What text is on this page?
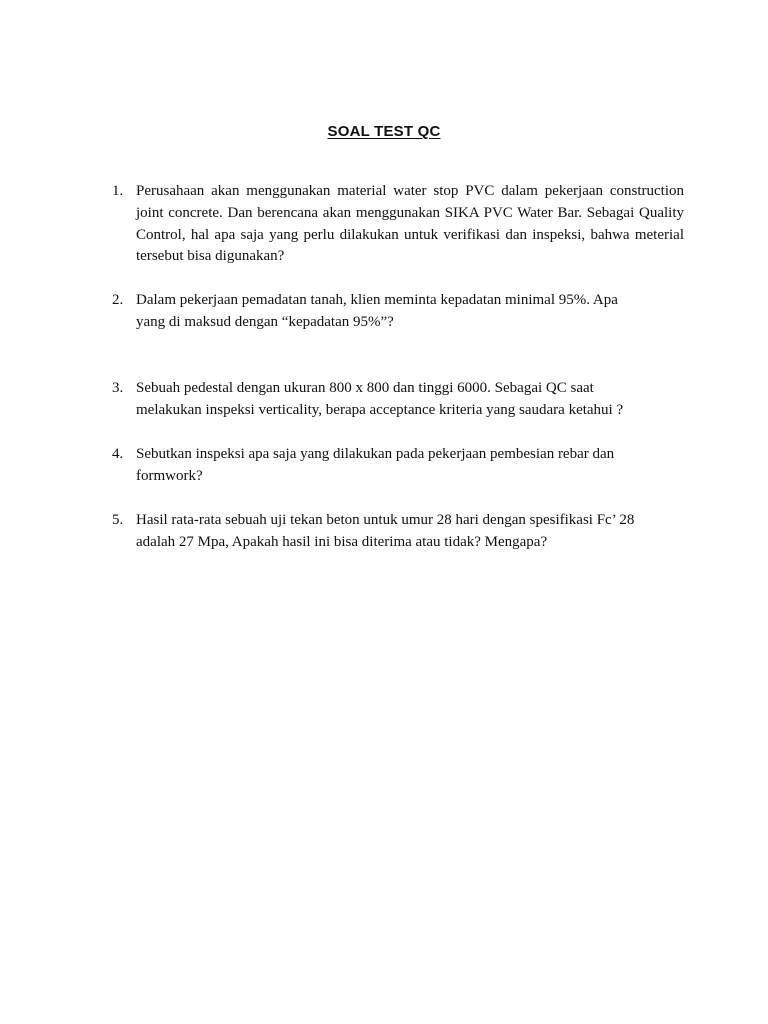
SOAL TEST QC
1. Perusahaan akan menggunakan material water stop PVC dalam pekerjaan construction joint concrete. Dan berencana akan menggunakan SIKA PVC Water Bar. Sebagai Quality Control, hal apa saja yang perlu dilakukan untuk verifikasi dan inspeksi, bahwa meterial tersebut bisa digunakan?
2. Dalam pekerjaan pemadatan tanah, klien meminta kepadatan minimal 95%. Apa
yang di maksud dengan “kepadatan 95%”?
3. Sebuah pedestal dengan ukuran 800 x 800 dan tinggi 6000. Sebagai QC saat
melakukan inspeksi verticality, berapa acceptance kriteria yang saudara ketahui ?
4. Sebutkan inspeksi apa saja yang dilakukan pada pekerjaan pembesian rebar dan
formwork?
5. Hasil rata-rata sebuah uji tekan beton untuk umur 28 hari dengan spesifikasi Fc’ 28
adalah 27 Mpa, Apakah hasil ini bisa diterima atau tidak? Mengapa?
